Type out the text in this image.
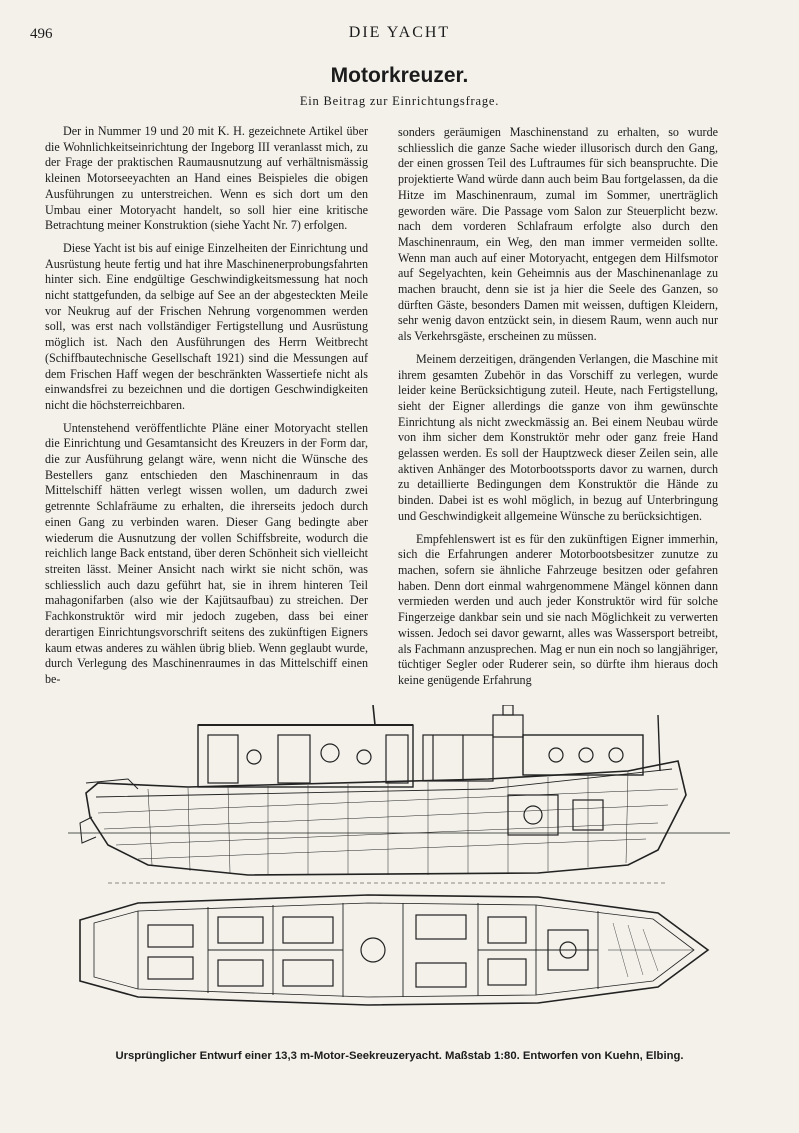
496	DIE YACHT
Motorkreuzer.
Ein Beitrag zur Einrichtungsfrage.

Der in Nummer 19 und 20 mit K. H. gezeichnete Artikel über die Wohnlichkeitseinrichtung der Ingeborg III veranlasst mich, zu der Frage der praktischen Raumausnutzung auf verhältnismässig kleinen Motorseeyachten an Hand eines Beispieles die obigen Ausführungen zu unterstreichen. Wenn es sich dort um den Umbau einer Motoryacht handelt, so soll hier eine kritische Betrachtung meiner Konstruktion (siehe Yacht Nr. 7) erfolgen.

Diese Yacht ist bis auf einige Einzelheiten der Einrichtung und Ausrüstung heute fertig und hat ihre Maschinenerprobungsfahrten hinter sich. Eine endgültige Geschwindigkeitsmessung hat noch nicht stattgefunden, da selbige auf See an der abgesteckten Meile vor Neukrug auf der Frischen Nehrung vorgenommen werden soll, was erst nach vollständiger Fertigstellung und Ausrüstung möglich ist. Nach den Ausführungen des Herrn Weitbrecht (Schiffbautechnische Gesellschaft 1921) sind die Messungen auf dem Frischen Haff wegen der beschränkten Wassertiefe nicht als einwandsfrei zu bezeichnen und die dortigen Geschwindigkeiten nicht die höchsterreichbaren.

Untenstehend veröffentlichte Pläne einer Motoryacht stellen die Einrichtung und Gesamtansicht des Kreuzers in der Form dar, die zur Ausführung gelangt wäre, wenn nicht die Wünsche des Bestellers ganz entschieden den Maschinenraum in das Mittelschiff hätten verlegt wissen wollen, um dadurch zwei getrennte Schlafräume zu erhalten, die ihrerseits jedoch durch einen Gang zu verbinden waren. Dieser Gang bedingte aber wiederum die Ausnutzung der vollen Schiffsbreite, wodurch die reichlich lange Back entstand, über deren Schönheit sich vielleicht streiten lässt. Meiner Ansicht nach wirkt sie nicht schön, was schliesslich auch dazu geführt hat, sie in ihrem hinteren Teil mahagonifarben (also wie der Kajütsaufbau) zu streichen. Der Fachkonstruktör wird mir jedoch zugeben, dass bei einer derartigen Einrichtungsvorschrift seitens des zukünftigen Eigners kaum etwas anderes zu wählen übrig blieb. Wenn geglaubt wurde, durch Verlegung des Maschinenraumes in das Mittelschiff einen be-

sonders geräumigen Maschinenstand zu erhalten, so wurde schliesslich die ganze Sache wieder illusorisch durch den Gang, der einen grossen Teil des Luftraumes für sich beanspruchte. Die projektierte Wand würde dann auch beim Bau fortgelassen, da die Hitze im Maschinenraum, zumal im Sommer, unerträglich geworden wäre. Die Passage vom Salon zur Steuerplicht bezw. nach dem vorderen Schlafraum erfolgte also durch den Maschinenraum, ein Weg, den man immer vermeiden sollte. Wenn man auch auf einer Motoryacht, entgegen dem Hilfsmotor auf Segelyachten, kein Geheimnis aus der Maschinenanlage zu machen braucht, denn sie ist ja hier die Seele des Ganzen, so dürften Gäste, besonders Damen mit weissen, duftigen Kleidern, sehr wenig davon entzückt sein, in diesem Raum, wenn auch nur als Verkehrsgäste, erscheinen zu müssen.

Meinem derzeitigen, drängenden Verlangen, die Maschine mit ihrem gesamten Zubehör in das Vorschiff zu verlegen, wurde leider keine Berücksichtigung zuteil. Heute, nach Fertigstellung, sieht der Eigner allerdings die ganze von ihm gewünschte Einrichtung als nicht zweckmässig an. Bei einem Neubau würde von ihm sicher dem Konstruktör mehr oder ganz freie Hand gelassen werden. Es soll der Hauptzweck dieser Zeilen sein, alle aktiven Anhänger des Motorbootssports davor zu warnen, durch zu detaillierte Bedingungen dem Konstruktör die Hände zu binden. Dabei ist es wohl möglich, in bezug auf Unterbringung und Geschwindigkeit allgemeine Wünsche zu berücksichtigen.

Empfehlenswert ist es für den zukünftigen Eigner immerhin, sich die Erfahrungen anderer Motorbootsbesitzer zunutze zu machen, sofern sie ähnliche Fahrzeuge besitzen oder gefahren haben. Denn dort einmal wahrgenommene Mängel können dann vermieden werden und auch jeder Konstruktör wird für solche Fingerzeige dankbar sein und sie nach Möglichkeit zu verwerten wissen. Jedoch sei davor gewarnt, alles was Wassersport betreibt, als Fachmann anzusprechen. Mag er nun ein noch so langjähriger, tüchtiger Segler oder Ruderer sein, so dürfte ihm hieraus doch keine genügende Erfahrung

Ursprünglicher Entwurf einer 13,3 m-Motor-Seekreuzeryacht. Maßstab 1:80. Entworfen von Kuehn, Elbing.
